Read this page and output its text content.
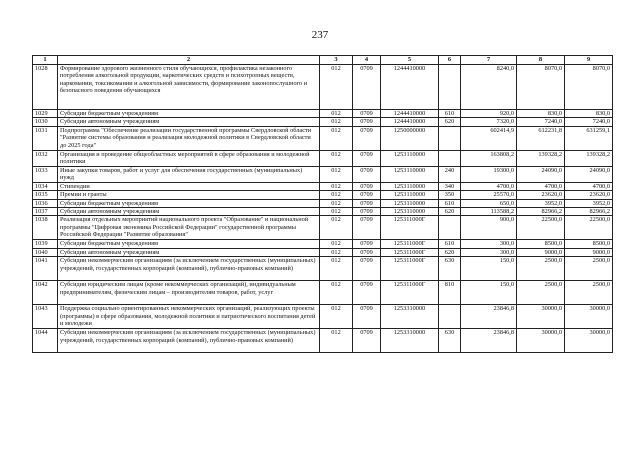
237
1	2	3	4	5	6	7	8	9
1028	Формирование здорового жизненного стиля обучающихся, профилактика незаконного потребления алкогольной продукции, наркотических средств и психотропных веществ, наркомании, токсикомании и алкогольной зависимости, формирование законопослушного и безопасного поведения обучающихся	012	0709	1244410000		8240,0	8070,0	8070,0
1029	Субсидии бюджетным учреждениям	012	0709	1244410000	610	920,0	830,0	830,0
1030	Субсидии автономным учреждениям	012	0709	1244410000	620	7320,0	7240,0	7240,0
1031	Подпрограмма "Обеспечение реализации государственной программы Свердловской области "Развитие системы образования и реализация молодежной политики в Свердловской области до 2025 года"	012	0709	1250000000		602414,9	612231,8	631259,1
1032	Организация и проведение общеобластных мероприятий в сфере образования и молодежной политики	012	0709	1253110000		163808,2	139328,2	139328,2
1033	Иные закупки товаров, работ и услуг для обеспечения государственных (муниципальных) нужд	012	0709	1253110000	240	19300,0	24090,0	24090,0
1034	Стипендии	012	0709	1253110000	340	4700,0	4700,0	4700,0
1035	Премии и гранты	012	0709	1253110000	350	25570,0	23620,0	23620,0
1036	Субсидии бюджетным учреждениям	012	0709	1253110000	610	650,0	3952,0	3952,0
1037	Субсидии автономным учреждениям	012	0709	1253110000	620	113588,2	82966,2	82966,2
1038	Реализация отдельных мероприятий национального проекта "Образование" и национальной программы "Цифровая экономика Российской Федерации" государственной программы Российской Федерации "Развитие образования"	012	0709	125311000Г		900,0	22500,0	22500,0
1039	Субсидии бюджетным учреждениям	012	0709	125311000Г	610	300,0	8500,0	8500,0
1040	Субсидии автономным учреждениям	012	0709	125311000Г	620	300,0	9000,0	9000,0
1041	Субсидии некоммерческим организациям (за исключением государственных (муниципальных) учреждений, государственных корпораций (компаний), публично-правовых компаний)	012	0709	125311000Г	630	150,0	2500,0	2500,0
1042	Субсидии юридическим лицам (кроме некоммерческих организаций), индивидуальным предпринимателям, физическим лицам – производителям товаров, работ, услуг	012	0709	125311000Г	810	150,0	2500,0	2500,0
1043	Поддержка социально ориентированных некоммерческих организаций, реализующих проекты (программы) в сфере образования, молодежной политики и патриотического воспитания детей и молодежи	012	0709	1253310000		23846,8	30000,0	30000,0
1044	Субсидии некоммерческим организациям (за исключением государственных (муниципальных) учреждений, государственных корпораций (компаний), публично-правовых компаний)	012	0709	1253310000	630	23846,8	30000,0	30000,0
